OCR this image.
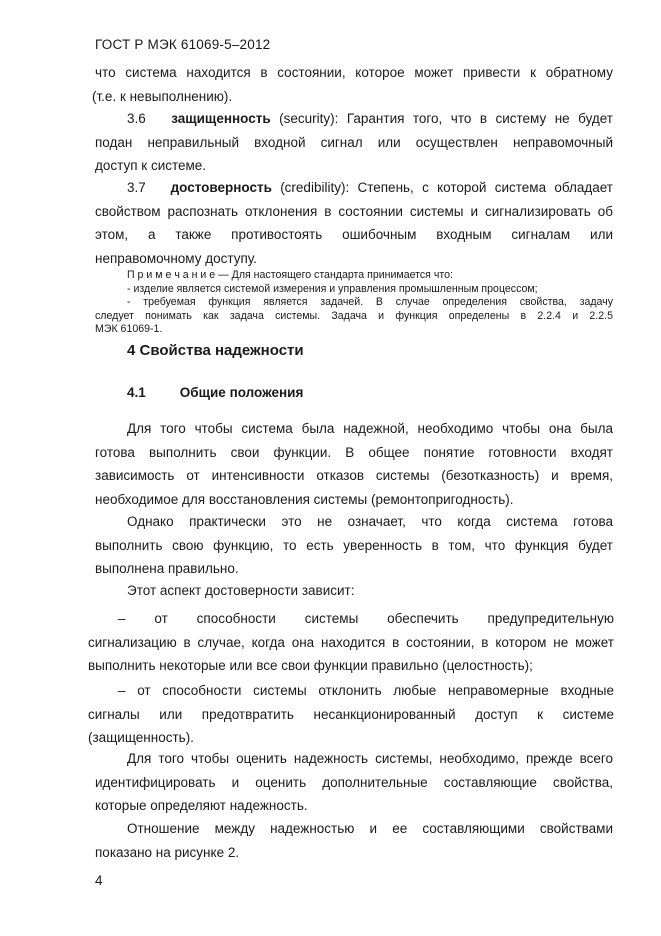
ГОСТ Р МЭК 61069-5–2012
что система находится в состоянии, которое может привести к обратному
(т.е. к невыполнению).
3.6 защищенность (security): Гарантия того, что в систему не будет
подан неправильный входной сигнал или осуществлен неправомочный
доступ к системе.
3.7 достоверность (credibility): Степень, с которой система обладает
свойством распознать отклонения в состоянии системы и сигнализировать об
этом, а также противостоять ошибочным входным сигналам или
неправомочному доступу.
П р и м е ч а н и е — Для настоящего стандарта принимается что:
- изделие является системой измерения и управления промышленным процессом;
- требуемая функция является задачей. В случае определения свойства, задачу
следует понимать как задача системы. Задача и функция определены в 2.2.4 и 2.2.5
МЭК 61069-1.
4 Свойства надежности
4.1	Общие положения
Для того чтобы система была надежной, необходимо чтобы она была
готова выполнить свои функции. В общее понятие готовности входят
зависимость от интенсивности отказов системы (безотказность) и время,
необходимое для восстановления системы (ремонтопригодность).
Однако практически это не означает, что когда система готова
выполнить свою функцию, то есть уверенность в том, что функция будет
выполнена правильно.
Этот аспект достоверности зависит:
– от способности системы обеспечить предупредительную
сигнализацию в случае, когда она находится в состоянии, в котором не может
выполнить некоторые или все свои функции правильно (целостность);
– от способности системы отклонить любые неправомерные входные
сигналы или предотвратить несанкционированный доступ к системе
(защищенность).
Для того чтобы оценить надежность системы, необходимо, прежде всего
идентифицировать и оценить дополнительные составляющие свойства,
которые определяют надежность.
Отношение между надежностью и ее составляющими свойствами
показано на рисунке 2.
4
